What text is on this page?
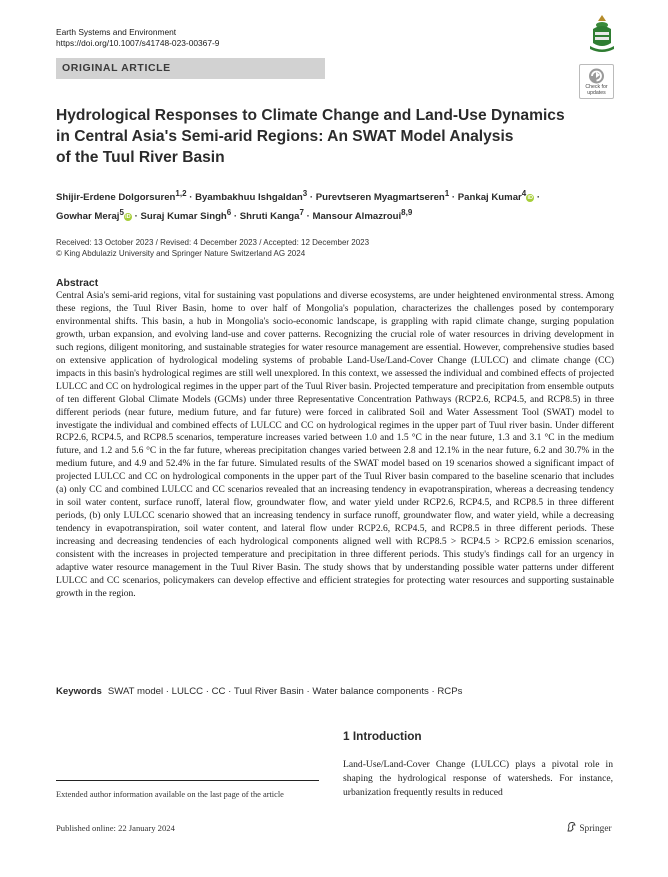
Earth Systems and Environment
https://doi.org/10.1007/s41748-023-00367-9
Check for updates
ORIGINAL ARTICLE
Hydrological Responses to Climate Change and Land-Use Dynamics
in Central Asia's Semi-arid Regions: An SWAT Model Analysis
of the Tuul River Basin
Shijir-Erdene Dolgorsuren$^{1,2}$ · Byambakhuu Ishgaldan$^3$ · Purevtseren Myagmartseren$^1$ · Pankaj Kumar$^4$iD ·
Gowhar Meraj$^5$iD · Suraj Kumar Singh$^6$ · Shruti Kanga$^7$ · Mansour Almazroui$^{8,9}$
Received: 13 October 2023 / Revised: 4 December 2023 / Accepted: 12 December 2023
© King Abdulaziz University and Springer Nature Switzerland AG 2024
Abstract
Central Asia's semi-arid regions, vital for sustaining vast populations and diverse ecosystems, are under heightened environmental stress. Among these regions, the Tuul River Basin, home to over half of Mongolia's population, characterizes the challenges posed by contemporary environmental shifts. This basin, a hub in Mongolia's socio-economic landscape, is grappling with rapid climate change, surging population growth, urban expansion, and evolving land-use and cover patterns. Recognizing the crucial role of water resources in driving development in such regions, diligent monitoring, and sustainable strategies for water resource management are essential. However, comprehensive studies based on extensive application of hydrological modeling systems of probable Land-Use/Land-Cover Change (LULCC) and climate change (CC) impacts in this basin's hydrological regimes are still well unexplored. In this context, we assessed the individual and combined effects of projected LULCC and CC on hydrological regimes in the upper part of the Tuul River basin. Projected temperature and precipitation from ensemble outputs of ten different Global Climate Models (GCMs) under three Representative Concentration Pathways (RCP2.6, RCP4.5, and RCP8.5) in three different periods (near future, medium future, and far future) were forced in calibrated Soil and Water Assessment Tool (SWAT) model to investigate the individual and combined effects of LULCC and CC on hydrological regimes in the upper part of Tuul river basin. Under different RCP2.6, RCP4.5, and RCP8.5 scenarios, temperature increases varied between 1.0 and 1.5 °C in the near future, 1.3 and 3.1 °C in the medium future, and 1.2 and 5.6 °C in the far future, whereas precipitation changes varied between 2.8 and 12.1% in the near future, 6.2 and 30.7% in the medium future, and 4.9 and 52.4% in the far future. Simulated results of the SWAT model based on 19 scenarios showed a significant impact of projected LULCC and CC on hydrological components in the upper part of the Tuul River basin compared to the baseline scenario that includes (a) only CC and combined LULCC and CC scenarios revealed that an increasing tendency in evapotranspiration, whereas a decreasing tendency in soil water content, surface runoff, lateral flow, groundwater flow, and water yield under RCP2.6, RCP4.5, and RCP8.5 in three different periods, (b) only LULCC scenario showed that an increasing tendency in surface runoff, groundwater flow, and water yield, while a decreasing tendency in evapotranspiration, soil water content, and lateral flow under RCP2.6, RCP4.5, and RCP8.5 in three different periods. These increasing and decreasing tendencies of each hydrological components aligned well with RCP8.5 > RCP4.5 > RCP2.6 emission scenarios, consistent with the increases in projected temperature and precipitation in three different periods. This study's findings call for an urgency in adaptive water resource management in the Tuul River Basin. The study shows that by understanding possible water patterns under different LULCC and CC scenarios, policymakers can develop effective and efficient strategies for protecting water resources and supporting sustainable growth in the region.
Keywords SWAT model · LULCC · CC · Tuul River Basin · Water balance components · RCPs
1 Introduction
Land-Use/Land-Cover Change (LULCC) plays a pivotal role in shaping the hydrological response of watersheds. For instance, urbanization frequently results in reduced
Extended author information available on the last page of the article
Published online: 22 January 2024	Springer
